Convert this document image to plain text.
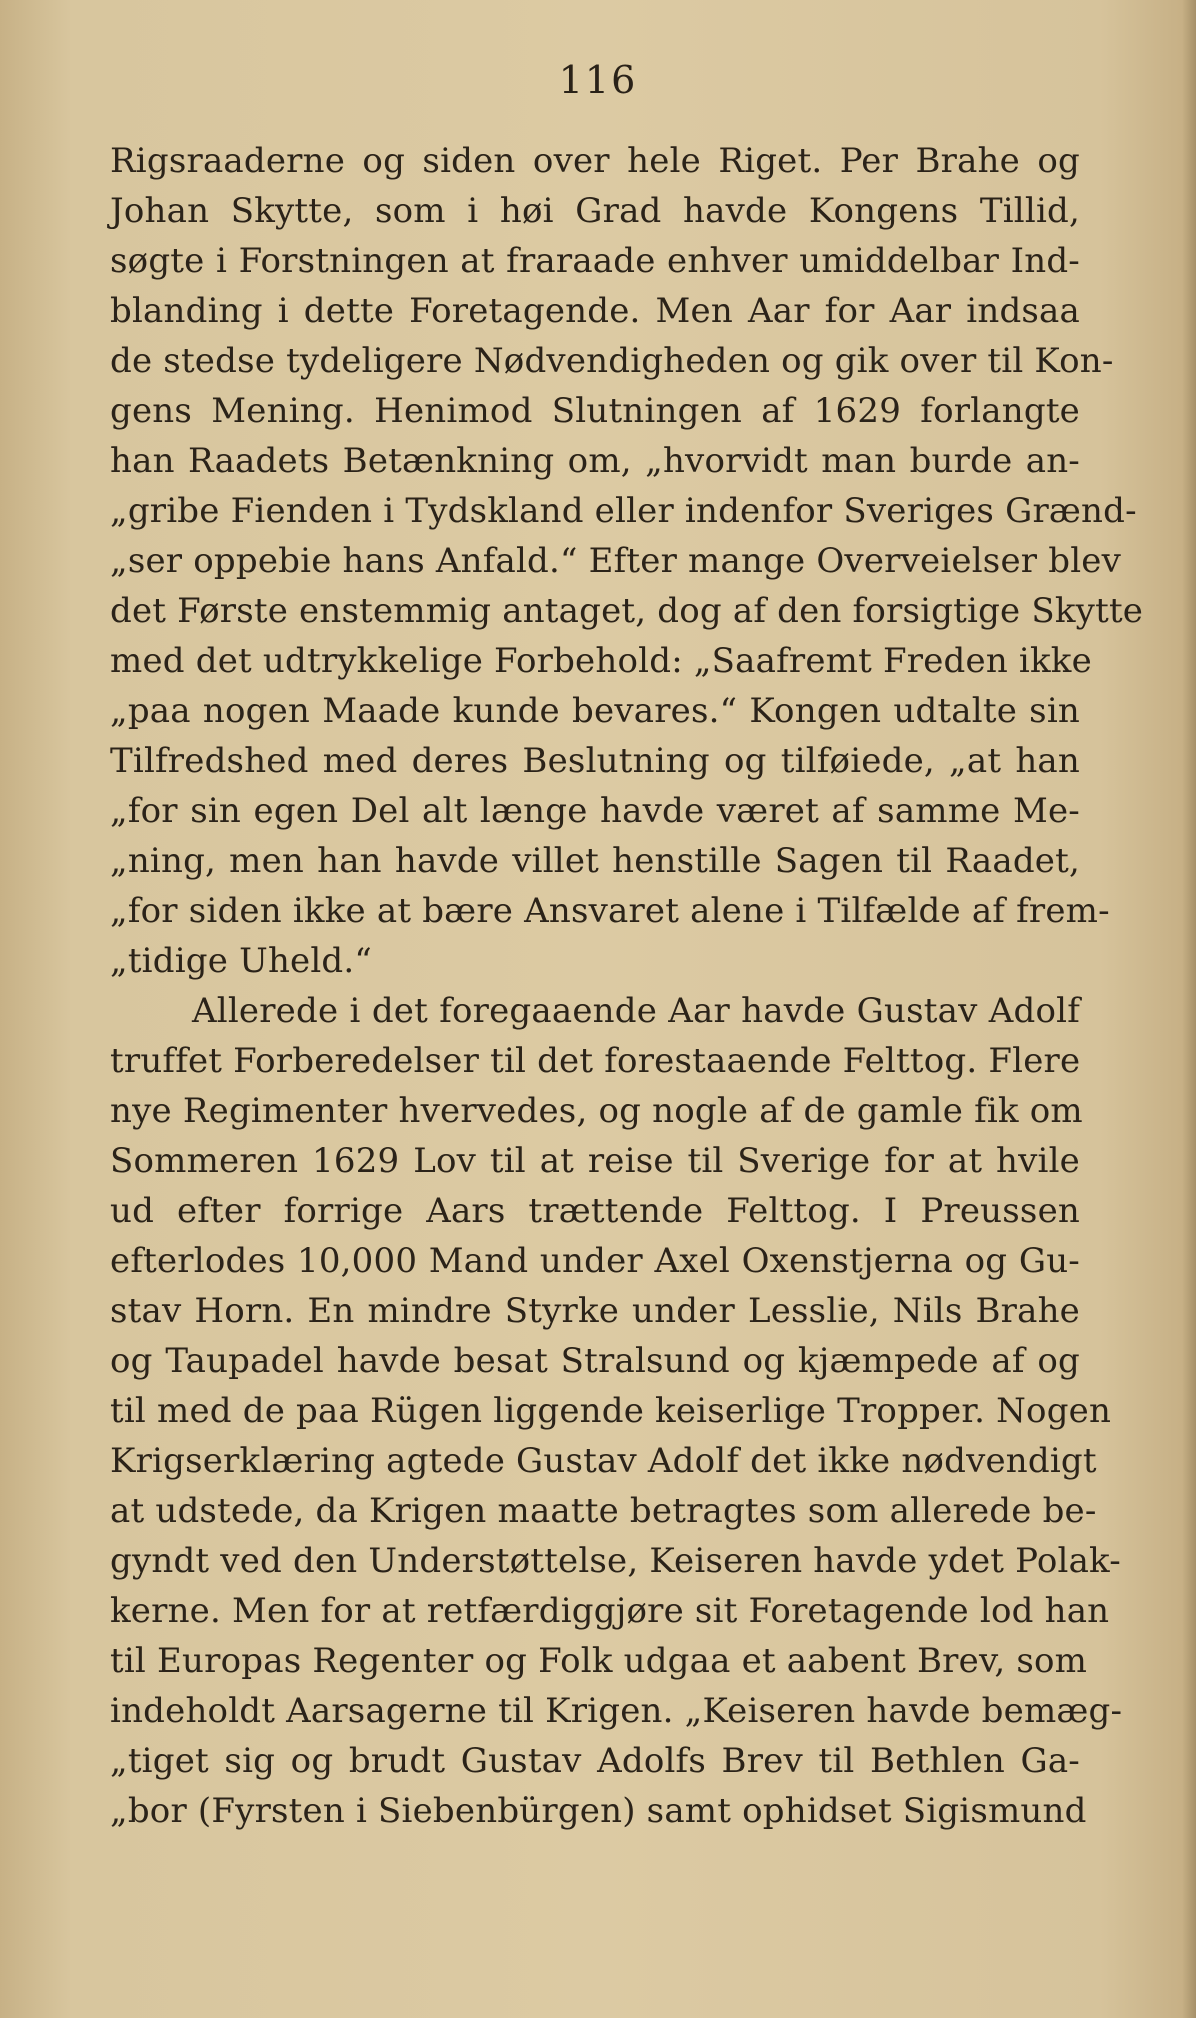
116
Rigsraaderne og siden over hele Riget. Per Brahe og
Johan Skytte, som i høi Grad havde Kongens Tillid,
søgte i Forstningen at fraraade enhver umiddelbar Ind-
blanding i dette Foretagende. Men Aar for Aar indsaa
de stedse tydeligere Nødvendigheden og gik over til Kon-
gens Mening. Henimod Slutningen af 1629 forlangte
han Raadets Betænkning om, „hvorvidt man burde an-
„gribe Fienden i Tydskland eller indenfor Sveriges Grænd-
„ser oppebie hans Anfald.“ Efter mange Overveielser blev
det Første enstemmig antaget, dog af den forsigtige Skytte
med det udtrykkelige Forbehold: „Saafremt Freden ikke
„paa nogen Maade kunde bevares.“ Kongen udtalte sin
Tilfredshed med deres Beslutning og tilføiede, „at han
„for sin egen Del alt længe havde været af samme Me-
„ning, men han havde villet henstille Sagen til Raadet,
„for siden ikke at bære Ansvaret alene i Tilfælde af frem-
„tidige Uheld.“
Allerede i det foregaaende Aar havde Gustav Adolf
truffet Forberedelser til det forestaaende Felttog. Flere
nye Regimenter hvervedes, og nogle af de gamle fik om
Sommeren 1629 Lov til at reise til Sverige for at hvile
ud efter forrige Aars trættende Felttog. I Preussen
efterlodes 10,000 Mand under Axel Oxenstjerna og Gu-
stav Horn. En mindre Styrke under Lesslie, Nils Brahe
og Taupadel havde besat Stralsund og kjæmpede af og
til med de paa Rügen liggende keiserlige Tropper. Nogen
Krigserklæring agtede Gustav Adolf det ikke nødvendigt
at udstede, da Krigen maatte betragtes som allerede be-
gyndt ved den Understøttelse, Keiseren havde ydet Polak-
kerne. Men for at retfærdiggjøre sit Foretagende lod han
til Europas Regenter og Folk udgaa et aabent Brev, som
indeholdt Aarsagerne til Krigen. „Keiseren havde bemæg-
„tiget sig og brudt Gustav Adolfs Brev til Bethlen Ga-
„bor (Fyrsten i Siebenbürgen) samt ophidset Sigismund
